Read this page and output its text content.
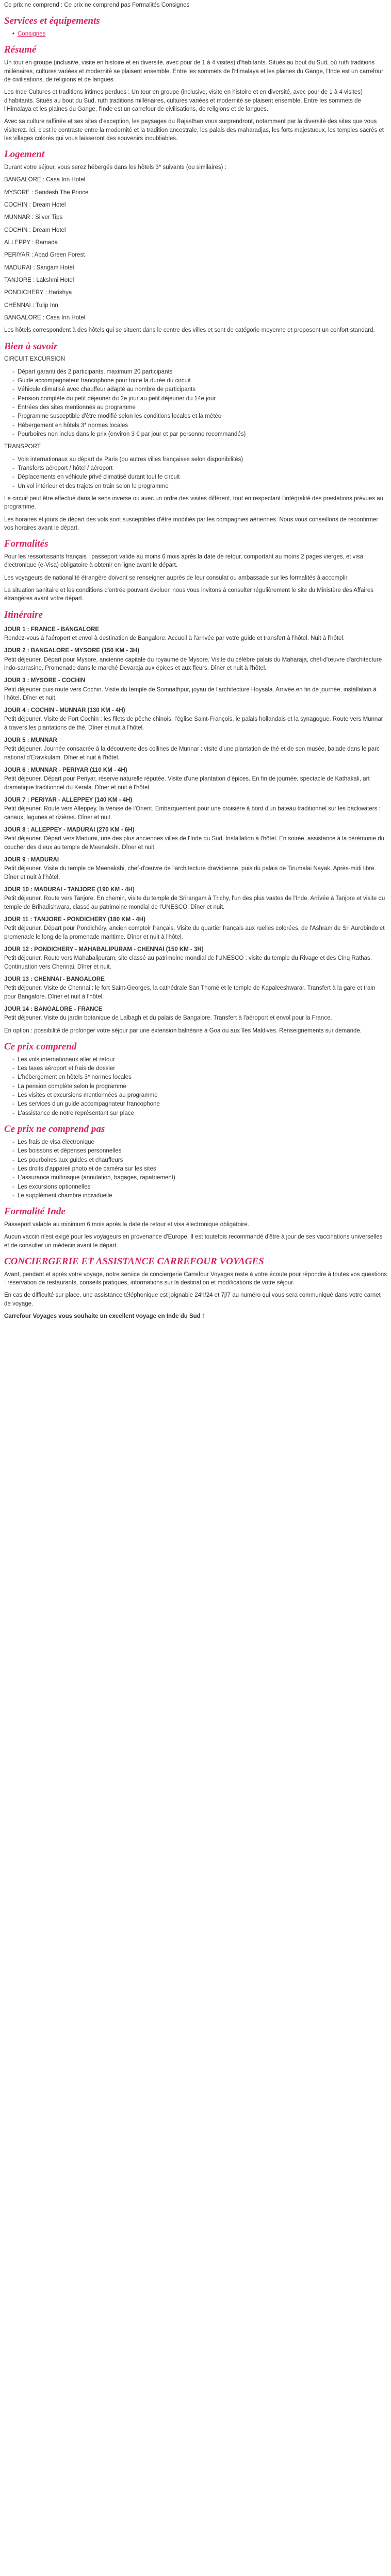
Ce prix ne comprend : Ce prix ne comprend pas Formalités Consignes
Services et équipements
• Consignes
Résumé

Un tour en groupe (inclusive, visite en histoire et en diversité, avec pour de 1 à 4 visites) d'habitants. Situés au bout du Sud, où ruth traditions millénaires, cultures variées et modernité se plaisent ensemble. Entre les sommets de l'Himalaya et les plaines du Gange, l'Inde est un carrefour de civilisations, de religions et de langues.

Les Inde Cultures et traditions intimes perdues : Un tour en groupe (inclusive, visite en histoire et en diversité, avec pour de 1 à 4 visites) d'habitants. Situés au bout du Sud, ruth traditions millénaires, cultures variées et modernité se plaisent ensemble. Entre les sommets de l'Himalaya et les plaines du Gange, l'Inde est un carrefour de civilisations, de religions et de langues.

Avec sa culture raffinée et ses sites d'exception, les paysages du Rajasthan vous surprendront, notamment par la diversité des sites que vous visiterez. Ici, c'est le contraste entre la modernité et la tradition ancestrale, les palais des maharadjas, les forts majestueux, les temples sacrés et les villages colorés qui vous laisseront des souvenirs inoubliables.

Logement

Durant votre séjour, vous serez hébergés dans les hôtels 3* suivants (ou similaires) :

BANGALORE : Casa Inn Hotel

MYSORE : Sandesh The Prince

COCHIN : Dream Hotel

MUNNAR : Silver Tips

COCHIN : Dream Hotel

ALLEPPY : Ramada

PERIYAR : Abad Green Forest

MADURAI : Sangam Hotel

TANJORE : Lakshmi Hotel

PONDICHERY : Harishya

CHENNAI : Tulip Inn

BANGALORE : Casa Inn Hotel

Les hôtels correspondent à des hôtels qui se situent dans le centre des villes et sont de catégorie moyenne et proposent un confort standard.

Bien à savoir

CIRCUIT EXCURSION

- Départ garanti dès 2 participants, maximum 20 participants
- Guide accompagnateur francophone pour toute la durée du circuit
- Véhicule climatisé avec chauffeur adapté au nombre de participants
- Pension complète du petit déjeuner du 2e jour au petit déjeuner du 14e jour
- Entrées des sites mentionnés au programme
- Programme susceptible d'être modifié selon les conditions locales et la météo
- Hébergement en hôtels 3* normes locales
- Pourboires non inclus dans le prix (environ 3 € par jour et par personne recommandés)

TRANSPORT

- Vols internationaux au départ de Paris (ou autres villes françaises selon disponibilités)
- Transferts aéroport / hôtel / aéroport
- Déplacements en véhicule privé climatisé durant tout le circuit
- Un vol intérieur et des trajets en train selon le programme

Le circuit peut être effectué dans le sens inverse ou avec un ordre des visites différent, tout en respectant l'intégralité des prestations prévues au programme.

Les horaires et jours de départ des vols sont susceptibles d'être modifiés par les compagnies aériennes. Nous vous conseillons de reconfirmer vos horaires avant le départ.

Formalités

Pour les ressortissants français : passeport valide au moins 6 mois après la date de retour, comportant au moins 2 pages vierges, et visa électronique (e-Visa) obligatoire à obtenir en ligne avant le départ.

Les voyageurs de nationalité étrangère doivent se renseigner auprès de leur consulat ou ambassade sur les formalités à accomplir.

La situation sanitaire et les conditions d'entrée pouvant évoluer, nous vous invitons à consulter régulièrement le site du Ministère des Affaires étrangères avant votre départ.

Itinéraire
JOUR 1 : FRANCE - BANGALORE

Rendez-vous à l'aéroport et envol à destination de Bangalore. Accueil à l'arrivée par votre guide et transfert à l'hôtel. Nuit à l'hôtel.

JOUR 2 : BANGALORE - MYSORE (150 KM - 3H)

Petit déjeuner. Départ pour Mysore, ancienne capitale du royaume de Mysore. Visite du célèbre palais du Maharaja, chef-d'œuvre d'architecture indo-sarrasine. Promenade dans le marché Devaraja aux épices et aux fleurs. Dîner et nuit à l'hôtel.

JOUR 3 : MYSORE - COCHIN

Petit déjeuner puis route vers Cochin. Visite du temple de Somnathpur, joyau de l'architecture Hoysala. Arrivée en fin de journée, installation à l'hôtel. Dîner et nuit.

JOUR 4 : COCHIN - MUNNAR (130 KM - 4H)

Petit déjeuner. Visite de Fort Cochin : les filets de pêche chinois, l'église Saint-François, le palais hollandais et la synagogue. Route vers Munnar à travers les plantations de thé. Dîner et nuit à l'hôtel.

JOUR 5 : MUNNAR

Petit déjeuner. Journée consacrée à la découverte des collines de Munnar : visite d'une plantation de thé et de son musée, balade dans le parc national d'Eravikulam. Dîner et nuit à l'hôtel.

JOUR 6 : MUNNAR - PERIYAR (110 KM - 4H)

Petit déjeuner. Départ pour Periyar, réserve naturelle réputée. Visite d'une plantation d'épices. En fin de journée, spectacle de Kathakali, art dramatique traditionnel du Kerala. Dîner et nuit à l'hôtel.

JOUR 7 : PERIYAR - ALLEPPEY (140 KM - 4H)

Petit déjeuner. Route vers Alleppey, la Venise de l'Orient. Embarquement pour une croisière à bord d'un bateau traditionnel sur les backwaters : canaux, lagunes et rizières. Dîner et nuit.

JOUR 8 : ALLEPPEY - MADURAI (270 KM - 6H)

Petit déjeuner. Départ vers Madurai, une des plus anciennes villes de l'Inde du Sud. Installation à l'hôtel. En soirée, assistance à la cérémonie du coucher des dieux au temple de Meenakshi. Dîner et nuit.

JOUR 9 : MADURAI

Petit déjeuner. Visite du temple de Meenakshi, chef-d'œuvre de l'architecture dravidienne, puis du palais de Tirumalai Nayak. Après-midi libre. Dîner et nuit à l'hôtel.

JOUR 10 : MADURAI - TANJORE (190 KM - 4H)

Petit déjeuner. Route vers Tanjore. En chemin, visite du temple de Srirangam à Trichy, l'un des plus vastes de l'Inde. Arrivée à Tanjore et visite du temple de Brihadishwara, classé au patrimoine mondial de l'UNESCO. Dîner et nuit.

JOUR 11 : TANJORE - PONDICHERY (180 KM - 4H)

Petit déjeuner. Départ pour Pondichéry, ancien comptoir français. Visite du quartier français aux ruelles colorées, de l'Ashram de Sri Aurobindo et promenade le long de la promenade maritime. Dîner et nuit à l'hôtel.

JOUR 12 : PONDICHERY - MAHABALIPURAM - CHENNAI (150 KM - 3H)

Petit déjeuner. Route vers Mahabalipuram, site classé au patrimoine mondial de l'UNESCO : visite du temple du Rivage et des Cinq Rathas. Continuation vers Chennai. Dîner et nuit.

JOUR 13 : CHENNAI - BANGALORE

Petit déjeuner. Visite de Chennai : le fort Saint-Georges, la cathédrale San Thomé et le temple de Kapaleeshwarar. Transfert à la gare et train pour Bangalore. Dîner et nuit à l'hôtel.

JOUR 14 : BANGALORE - FRANCE

Petit déjeuner. Visite du jardin botanique de Lalbagh et du palais de Bangalore. Transfert à l'aéroport et envol pour la France.

En option : possibilité de prolonger votre séjour par une extension balnéaire à Goa ou aux îles Maldives. Renseignements sur demande.

Ce prix comprend
- Les vols internationaux aller et retour
- Les taxes aéroport et frais de dossier
- L'hébergement en hôtels 3* normes locales
- La pension complète selon le programme
- Les visites et excursions mentionnées au programme
- Les services d'un guide accompagnateur francophone
- L'assistance de notre représentant sur place
Ce prix ne comprend pas
- Les frais de visa électronique
- Les boissons et dépenses personnelles
- Les pourboires aux guides et chauffeurs
- Les droits d'appareil photo et de caméra sur les sites
- L'assurance multirisque (annulation, bagages, rapatriement)
- Les excursions optionnelles
- Le supplément chambre individuelle
Formalité Inde

Passeport valable au minimum 6 mois après la date de retour et visa électronique obligatoire.

Aucun vaccin n'est exigé pour les voyageurs en provenance d'Europe. Il est toutefois recommandé d'être à jour de ses vaccinations universelles et de consulter un médecin avant le départ.

CONCIERGERIE ET ASSISTANCE CARREFOUR VOYAGES

Avant, pendant et après votre voyage, notre service de conciergerie Carrefour Voyages reste à votre écoute pour répondre à toutes vos questions : réservation de restaurants, conseils pratiques, informations sur la destination et modifications de votre séjour.

En cas de difficulté sur place, une assistance téléphonique est joignable 24h/24 et 7j/7 au numéro qui vous sera communiqué dans votre carnet de voyage.

Carrefour Voyages vous souhaite un excellent voyage en Inde du Sud !
